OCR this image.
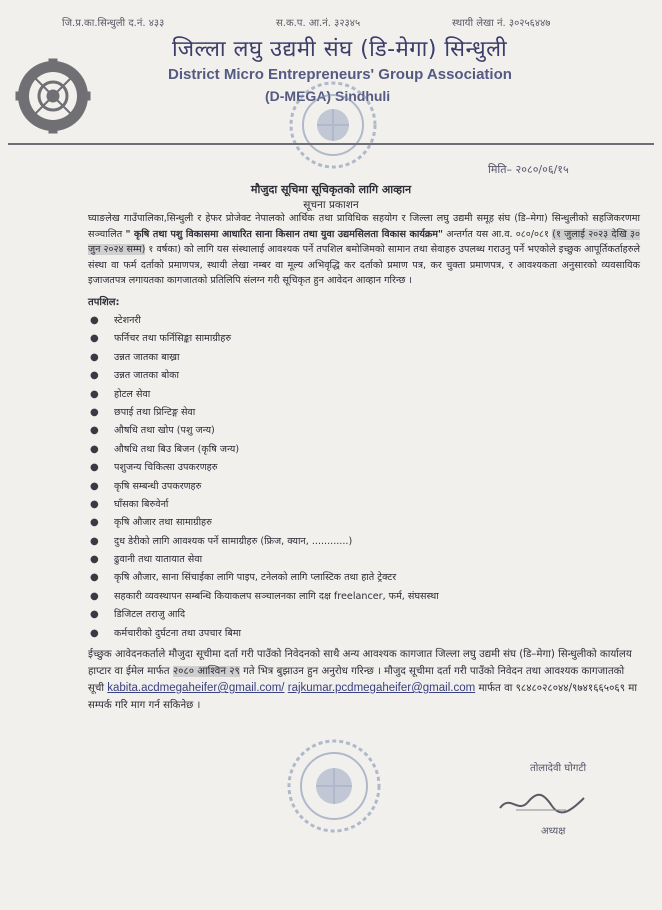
जि.प्र.का.सिन्धुली द.नं. ४३३	स.क.प. आ.नं. ३२३४५	स्थायी लेखा नं. ३०२५६४४७
जिल्ला लघु उद्यमी संघ (डि-मेगा) सिन्धुली
District Micro Entrepreneurs' Group Association
(D-MEGA) Sindhuli
मिति– २०८०/०६/१५
मौजुदा सूचिमा सूचिकृतको लागि आव्हान
सूचना प्रकाशन

घ्याङलेख गाउँपालिका,सिन्धुली र हेफर प्रोजेक्ट नेपालको आर्थिक तथा प्राविधिक सहयोग र जिल्ला लघु उद्यमी समूह संघ (डि–मेगा) सिन्धुलीको सहजिकरणमा सञ्चालित " कृषि तथा पशु विकासमा आधारित साना किसान तथा युवा उद्यमसिलता विकास कार्यक्रम" अन्तर्गत यस आ.व. ०८०/०८१ (१ जुलाई २०२३ देखि ३० जुन २०२४ सम्म) १ वर्षका) को लागि यस संस्थालाई आवश्यक पर्ने तपशिल बमोजिमको सामान तथा सेवाहरु उपलब्ध गराउनु पर्ने भएकोले इच्छुक आपूर्तिकर्ताहरुले संस्था वा फर्म दर्ताको प्रमाणपत्र, स्थायी लेखा नम्बर वा मूल्य अभिवृद्धि कर दर्ताको प्रमाण पत्र, कर चुक्ता प्रमाणपत्र, र आवश्यकता अनुसारको व्यवसायिक इजाजतपत्र लगायतका कागजातको प्रतिलिपि संलग्न गरी सूचिकृत हुन आवेदन आव्हान गरिन्छ ।

तपशिल:
● स्टेशनरी
● फर्निचर तथा फर्निसिङ्का सामाग्रीहरु
● उन्नत जातका बाख्रा
● उन्नत जातका बोका
● होटल सेवा
● छपाई तथा प्रिन्टिङ्ग सेवा
● औषधि तथा खोप (पशु जन्य)
● औषधि तथा बिउ बिजन (कृषि जन्य)
● पशुजन्य चिकित्सा उपकरणहरु
● कृषि सम्बन्धी उपकरणहरु
● घाँसका बिरुवेर्ना
● कृषि औजार तथा सामाग्रीहरु
● दुध डेरीको लागि आवश्यक पर्ने सामाग्रीहरु (फ्रिज, क्यान, ............)
● ढुवानी तथा यातायात सेवा
● कृषि औजार, साना सिंचाईका लागि पाइप, टनेलको लागि प्लास्टिक तथा हाते ट्रेक्टर
● सहकारी व्यवस्थापन सम्बन्धि कियाकलप सञ्चालनका लागि दक्ष freelancer, फर्म, संघसस्था
● डिजिटल तराजु आदि
● कर्मचारीको दुर्घटना तथा उपचार बिमा

ईच्छुक आवेदनकर्ताले मौजुदा सूचीमा दर्ता गरी पाउँको निवेदनको साथै अन्य आवश्यक कागजात जिल्ला लघु उद्यमी संघ (डि–मेगा) सिन्धुलीको कार्यालय हाप्टार वा ईमेल मार्फत २०८० आश्विन २९ गते भित्र बुझाउन हुन अनुरोध गरिन्छ । मौजुद सूचीमा दर्ता गरी पाउँको निवेदन तथा आवश्यक कागजातको सूची kabita.acdmegaheifer@gmail.com/ rajkumar.pcdmegaheifer@gmail.com मार्फत वा ९८४८०२८०४४/९७४१६६५०६९ मा सम्पर्क गरि माग गर्न सकिनेछ ।

तोलादेवी घोगटी
अध्यक्ष
